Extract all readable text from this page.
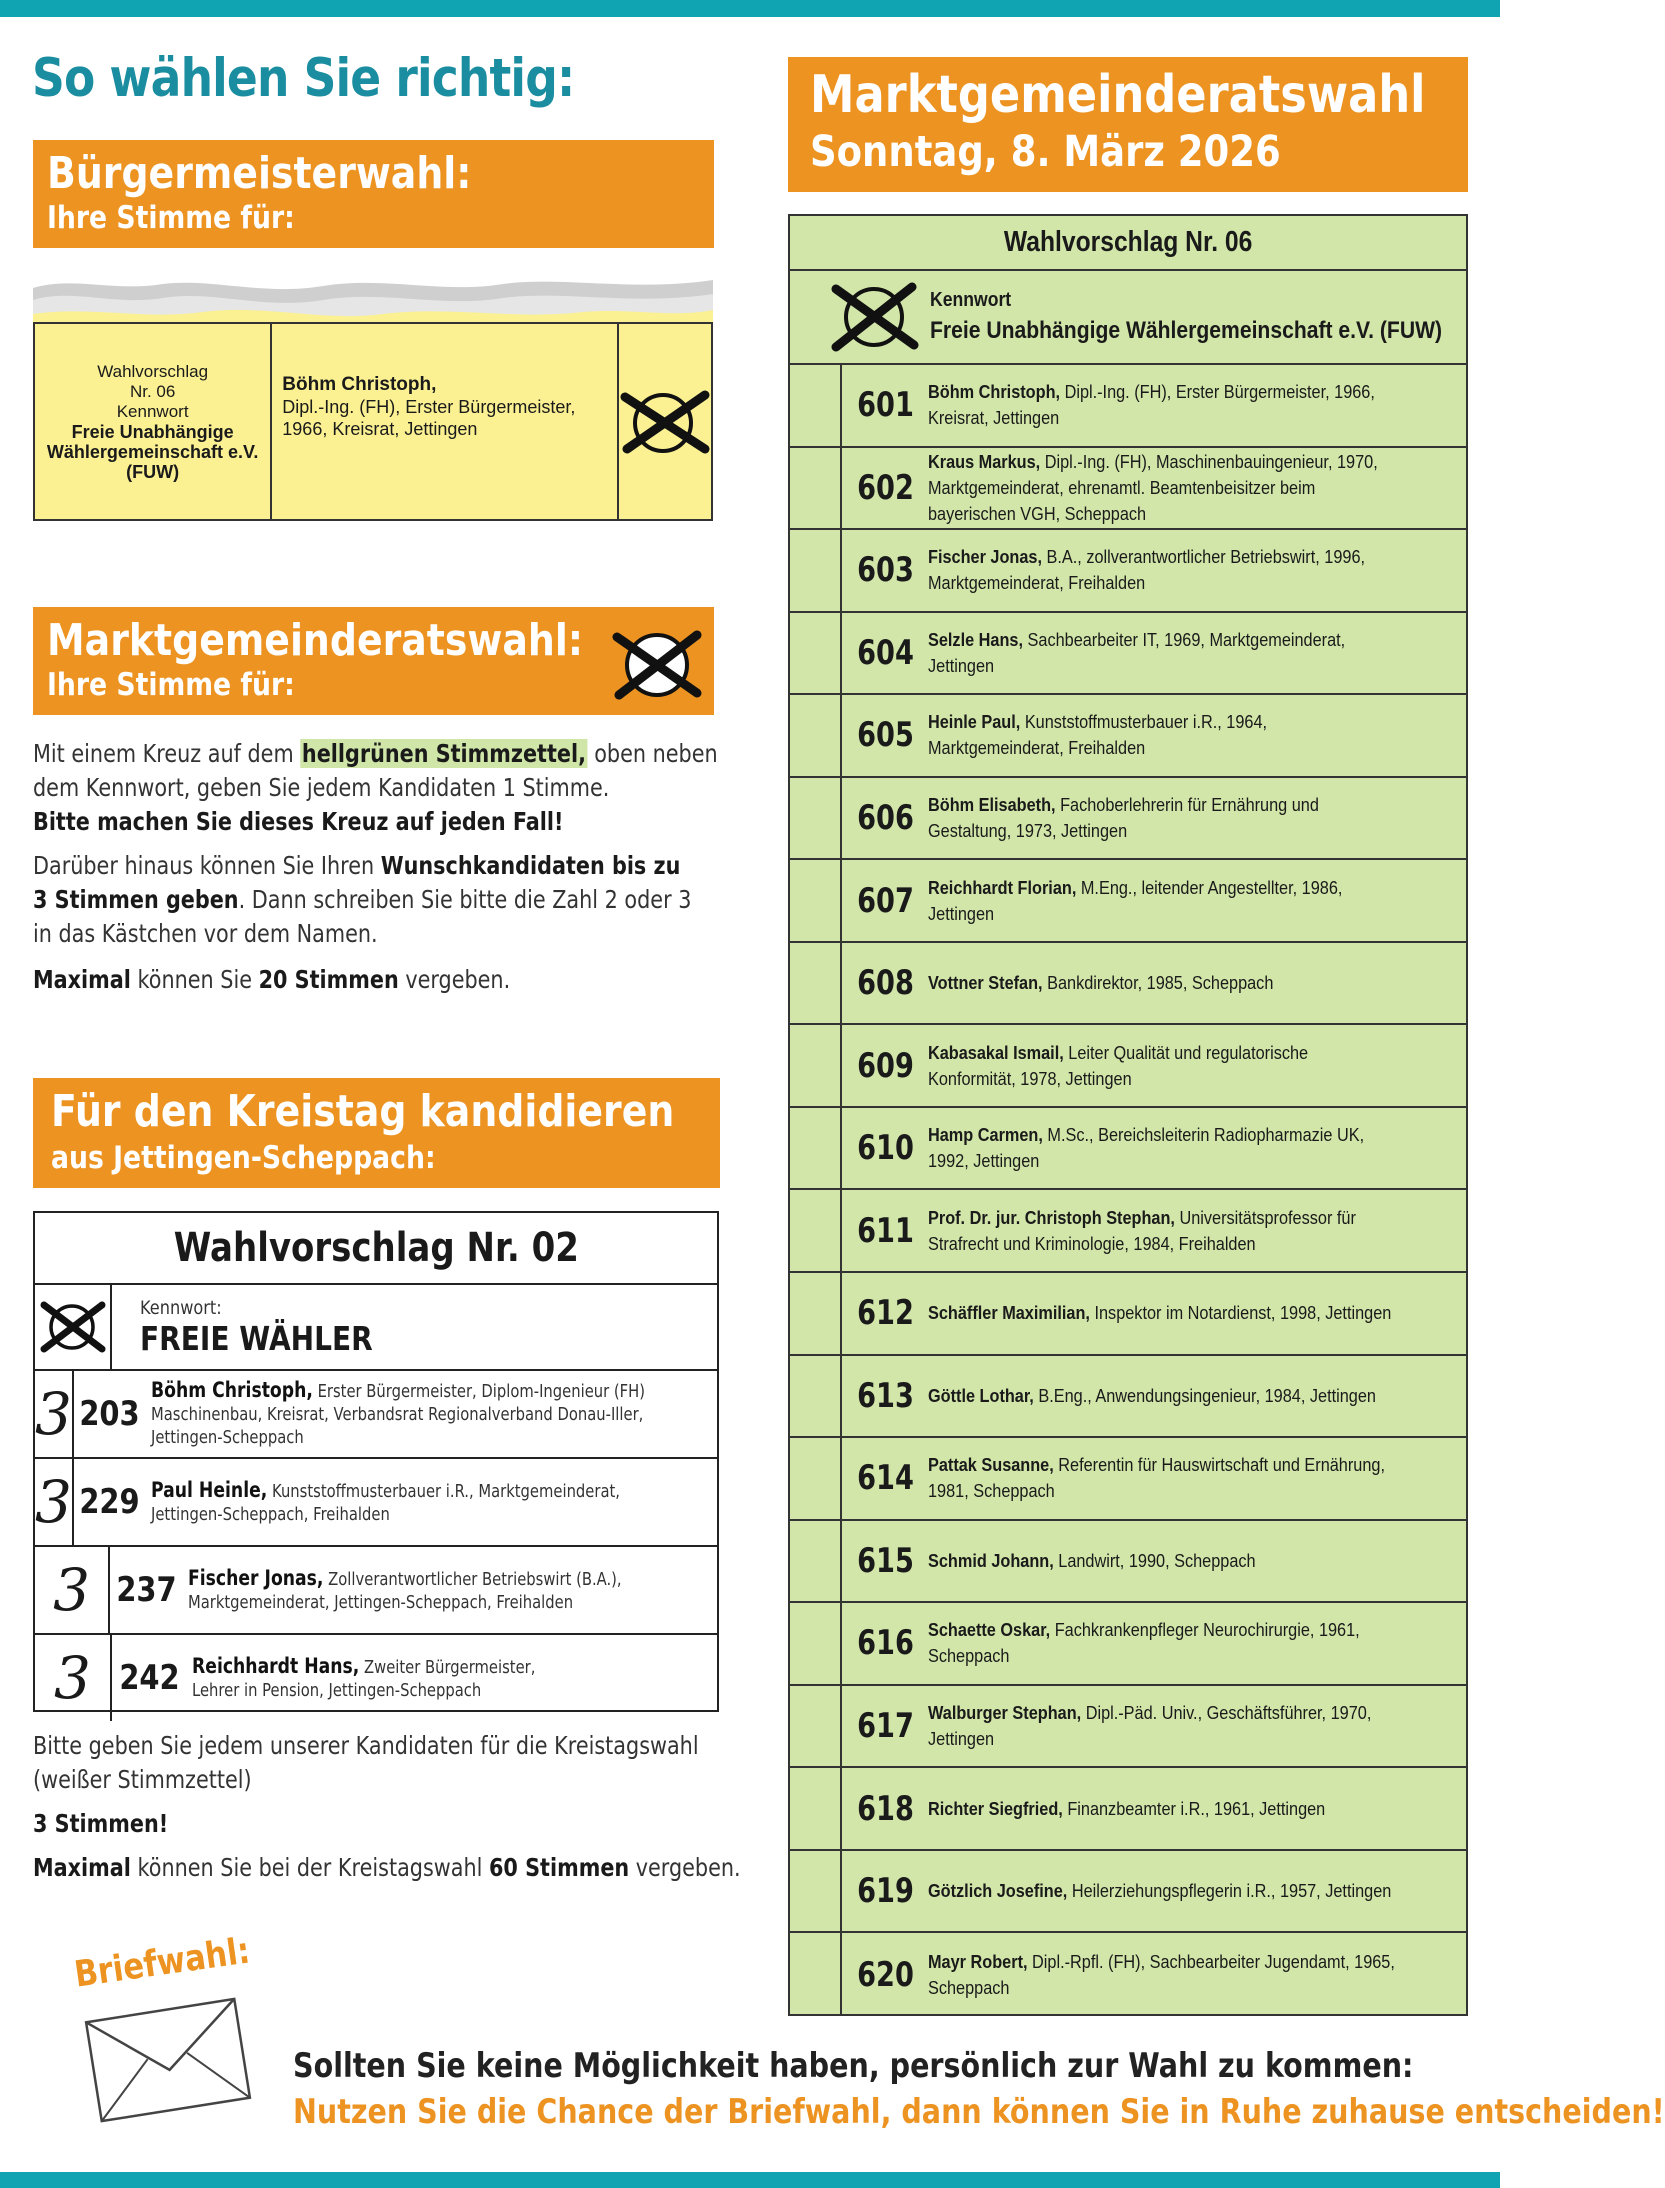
So wählen Sie richtig:
Bürgermeisterwahl:
Ihre Stimme für:
Wahlvorschlag
Nr. 06
Kennwort
Freie Unabhängige
Wählergemeinschaft e.V.
(FUW)
Böhm Christoph,
Dipl.-Ing. (FH), Erster Bürgermeister,
1966, Kreisrat, Jettingen
Marktgemeinderatswahl:
Ihre Stimme für:
Mit einem Kreuz auf dem hellgrünen Stimmzettel, oben neben
dem Kennwort, geben Sie jedem Kandidaten 1 Stimme.
Bitte machen Sie dieses Kreuz auf jeden Fall!
Darüber hinaus können Sie Ihren Wunschkandidaten bis zu
3 Stimmen geben. Dann schreiben Sie bitte die Zahl 2 oder 3
in das Kästchen vor dem Namen.
Maximal können Sie 20 Stimmen vergeben.
Für den Kreistag kandidieren
aus Jettingen-Scheppach:
Wahlvorschlag Nr. 02
Kennwort:
FREIE WÄHLER
3 203
Böhm Christoph, Erster Bürgermeister, Diplom-Ingenieur (FH)
Maschinenbau, Kreisrat, Verbandsrat Regionalverband Donau-Iller,
Jettingen-Scheppach
3 229 Paul Heinle, Kunststoffmusterbauer i.R., Marktgemeinderat,
Jettingen-Scheppach, Freihalden
3 237 Fischer Jonas, Zollverantwortlicher Betriebswirt (B.A.),
Marktgemeinderat, Jettingen-Scheppach, Freihalden
3 242 Reichhardt Hans, Zweiter Bürgermeister,
Lehrer in Pension, Jettingen-Scheppach
Bitte geben Sie jedem unserer Kandidaten für die Kreistagswahl
(weißer Stimmzettel)
3 Stimmen!
Maximal können Sie bei der Kreistagswahl 60 Stimmen vergeben.
Marktgemeinderatswahl
Sonntag, 8. März 2026
Wahlvorschlag Nr. 06
Kennwort
Freie Unabhängige Wählergemeinschaft e.V. (FUW)
601 Böhm Christoph, Dipl.-Ing. (FH), Erster Bürgermeister, 1966, Kreisrat, Jettingen
602
Kraus Markus, Dipl.-Ing. (FH), Maschinenbauingenieur, 1970, Marktgemeinderat, ehrenamtl. Beamtenbeisitzer beim bayerischen VGH, Scheppach
603 Fischer Jonas, B.A., zollverantwortlicher Betriebswirt, 1996, Marktgemeinderat, Freihalden
604 Selzle Hans, Sachbearbeiter IT, 1969, Marktgemeinderat, Jettingen
605 Heinle Paul, Kunststoffmusterbauer i.R., 1964, Marktgemeinderat, Freihalden
606 Böhm Elisabeth, Fachoberlehrerin für Ernährung und Gestaltung, 1973, Jettingen
607 Reichhardt Florian, M.Eng., leitender Angestellter, 1986, Jettingen
608 Vottner Stefan, Bankdirektor, 1985, Scheppach
609 Kabasakal Ismail, Leiter Qualität und regulatorische Konformität, 1978, Jettingen
610 Hamp Carmen, M.Sc., Bereichsleiterin Radiopharmazie UK, 1992, Jettingen
611 Prof. Dr. jur. Christoph Stephan, Universitätsprofessor für Strafrecht und Kriminologie, 1984, Freihalden
612 Schäffler Maximilian, Inspektor im Notardienst, 1998, Jettingen
613 Göttle Lothar, B.Eng., Anwendungsingenieur, 1984, Jettingen
614 Pattak Susanne, Referentin für Hauswirtschaft und Ernährung, 1981, Scheppach
615 Schmid Johann, Landwirt, 1990, Scheppach
616 Schaette Oskar, Fachkrankenpfleger Neurochirurgie, 1961, Scheppach
617 Walburger Stephan, Dipl.-Päd. Univ., Geschäftsführer, 1970, Jettingen
618 Richter Siegfried, Finanzbeamter i.R., 1961, Jettingen
619 Götzlich Josefine, Heilerziehungspflegerin i.R., 1957, Jettingen
620 Mayr Robert, Dipl.-Rpfl. (FH), Sachbearbeiter Jugendamt, 1965, Scheppach
Briefwahl:
Sollten Sie keine Möglichkeit haben, persönlich zur Wahl zu kommen:
Nutzen Sie die Chance der Briefwahl, dann können Sie in Ruhe zuhause entscheiden!
